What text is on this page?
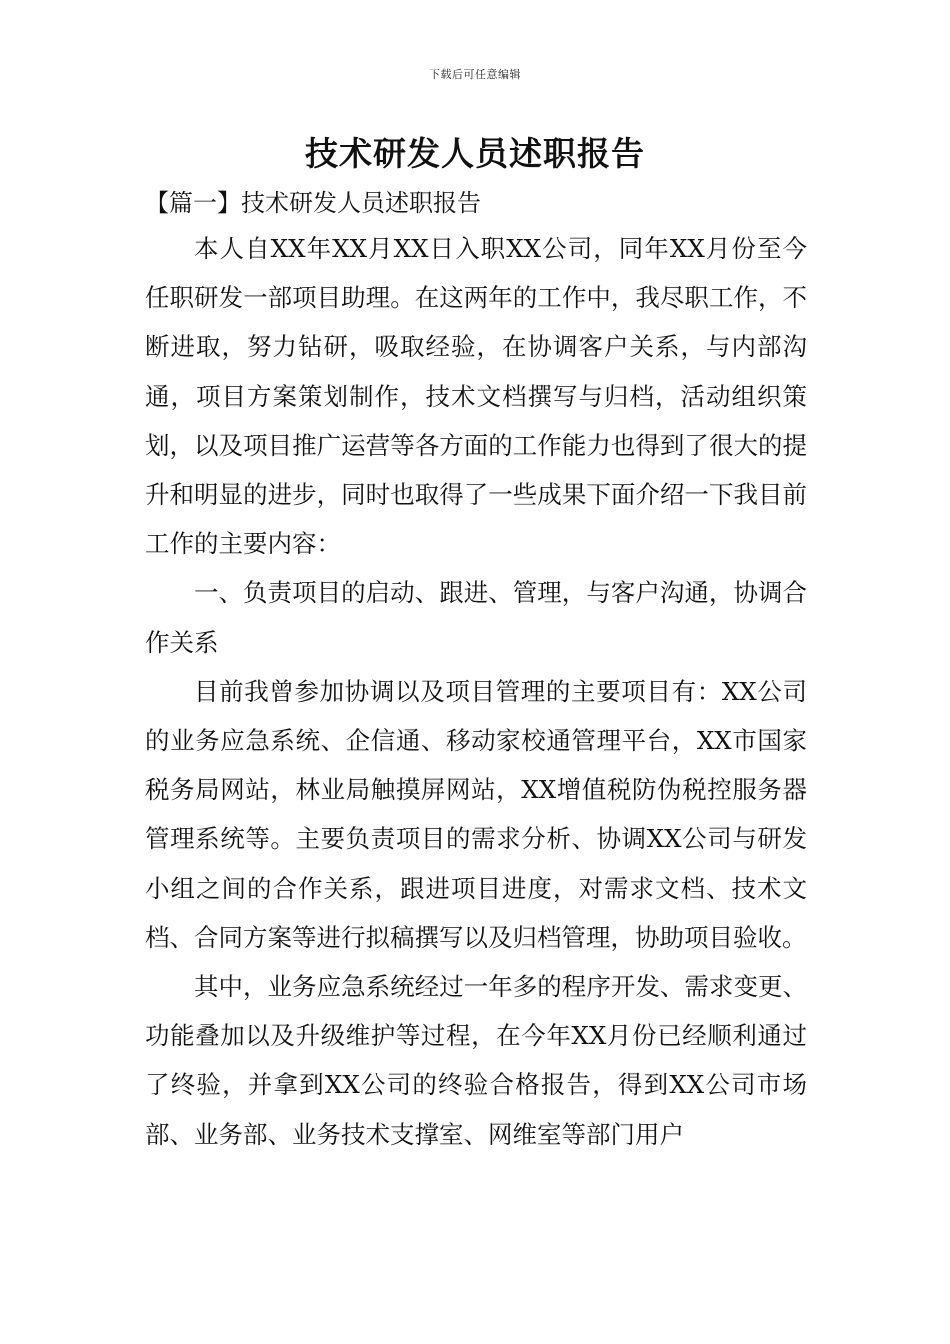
下载后可任意编辑
技术研发人员述职报告
【篇一】技术研发人员述职报告

本人自XX年XX月XX日入职XX公司，同年XX月份至今任职研发一部项目助理。在这两年的工作中，我尽职工作，不断进取，努力钻研，吸取经验，在协调客户关系，与内部沟通，项目方案策划制作，技术文档撰写与归档，活动组织策划，以及项目推广运营等各方面的工作能力也得到了很大的提升和明显的进步，同时也取得了一些成果下面介绍一下我目前工作的主要内容：

一、负责项目的启动、跟进、管理，与客户沟通，协调合作关系

目前我曾参加协调以及项目管理的主要项目有：XX公司的业务应急系统、企信通、移动家校通管理平台，XX市国家税务局网站，林业局触摸屏网站，XX增值税防伪税控服务器管理系统等。主要负责项目的需求分析、协调XX公司与研发小组之间的合作关系，跟进项目进度，对需求文档、技术文档、合同方案等进行拟稿撰写以及归档管理，协助项目验收。

其中，业务应急系统经过一年多的程序开发、需求变更、功能叠加以及升级维护等过程，在今年XX月份已经顺利通过了终验，并拿到XX公司的终验合格报告，得到XX公司市场部、业务部、业务技术支撑室、网维室等部门用户
